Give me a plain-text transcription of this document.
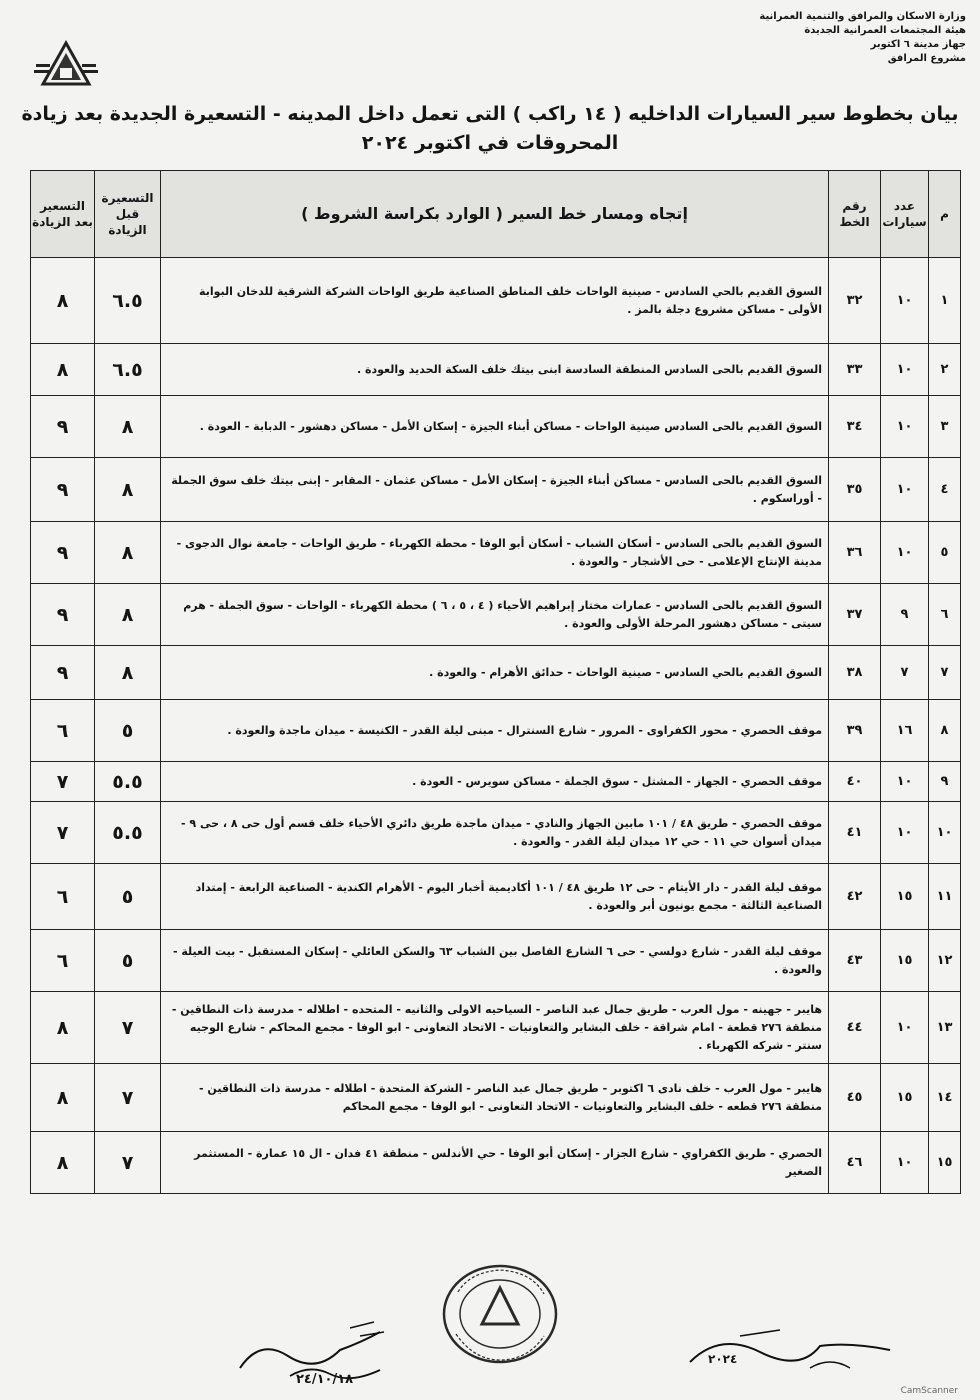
وزارة الاسكان والمرافق والتنمية العمرانية
هيئة المجتمعات العمرانية الجديدة
جهاز مدينة ٦ اكتوبر
مشروع المرافق
بيان بخطوط سير السيارات الداخليه ( ١٤ راكب ) التى تعمل داخل المدينه - التسعيرة الجديدة بعد زيادة
المحروقات في اكتوبر ٢٠٢٤
م	عدد سيارات	رقم الخط	إتجاه ومسار خط السير ( الوارد بكراسة الشروط )	التسعيرة قبل الزيادة	التسعير بعد الزيادة
١	١٠	٣٢	السوق القديم بالحي السادس - صينية الواحات خلف المناطق الصناعية طريق الواحات الشركة الشرقية للدخان البوابة الأولى - مساكن مشروع دجلة بالمز .	٦.٥	٨
٢	١٠	٣٣	السوق القديم بالحى السادس المنطقة السادسة ابنى بيتك خلف السكة الحديد والعودة .	٦.٥	٨
٣	١٠	٣٤	السوق القديم بالحى السادس صينية الواحات - مساكن أبناء الجيزة - إسكان الأمل - مساكن دهشور - الدبابة - العودة .	٨	٩
٤	١٠	٣٥	السوق القديم بالحى السادس - مساكن أبناء الجيزة - إسكان الأمل - مساكن عثمان - المقابر - إبنى بيتك خلف سوق الجملة - أوراسكوم .	٨	٩
٥	١٠	٣٦	السوق القديم بالحى السادس - أسكان الشباب - أسكان أبو الوفا - محطة الكهرباء - طريق الواحات - جامعة نوال الدجوى - مدينة الإنتاج الإعلامى - حى الأشجار - والعودة .	٨	٩
٦	٩	٣٧	السوق القديم بالحى السادس - عمارات مختار إبراهيم الأحياء ( ٤ ، ٥ ، ٦ ) محطة الكهرباء - الواحات - سوق الجملة - هرم سيتى - مساكن دهشور المرحلة الأولى والعودة .	٨	٩
٧	٧	٣٨	السوق القديم بالحي السادس - صينية الواحات - حدائق الأهرام - والعودة .	٨	٩
٨	١٦	٣٩	موقف الحصري - محور الكفراوى - المرور - شارع السنترال - مبنى ليلة القدر - الكنيسة - ميدان ماجدة والعودة .	٥	٦
٩	١٠	٤٠	موقف الحصري - الجهاز - المشتل - سوق الجملة - مساكن سويرس - العودة .	٥.٥	٧
١٠	١٠	٤١	موقف الحصري - طريق ٤٨ / ١٠١ مابين الجهاز والنادي - ميدان ماجدة طريق دائري الأحياء خلف قسم أول حى ٨ ، حى ٩ - ميدان أسوان حي ١١ - حي ١٢ ميدان ليلة القدر - والعودة .	٥.٥	٧
١١	١٥	٤٢	موقف ليلة القدر - دار الأيتام - حى ١٢ طريق ٤٨ / ١٠١ أكاديمية أخبار اليوم - الأهرام الكندية - الصناعية الرابعة - إمتداد الصناعية الثالثة - مجمع يونيون أبر والعودة .	٥	٦
١٢	١٥	٤٣	موقف ليلة القدر - شارع دولسي - حى ٦ الشارع الفاصل بين الشباب ٦٣ والسكن العائلي - إسكان المستقبل - بيت العيلة - والعودة .	٥	٦
١٣	١٠	٤٤	هايبر - جهينه - مول العرب - طريق جمال عبد الناصر - السياحيه الاولى والثانيه - المتحده - اطلاله - مدرسة ذات النطاقين - منطقة ٢٧٦ قطعة - امام شراقة - خلف البشاير والتعاونيات - الاتحاد التعاونى - ابو الوفا - مجمع المحاكم - شارع الوجيه سنتر - شركه الكهرباء .	٧	٨
١٤	١٥	٤٥	هايبر - مول العرب - خلف نادى ٦ اكتوبر - طريق جمال عبد الناصر - الشركة المتحدة - اطلاله - مدرسة ذات النطاقين - منطقة ٢٧٦ قطعه - خلف البشاير والتعاونيات - الاتحاد التعاونى - ابو الوفا - مجمع المحاكم	٧	٨
١٥	١٠	٤٦	الحصري - طريق الكفراوي - شارع الجزار - إسكان أبو الوفا - حي الأندلس - منطقة ٤١ فدان - ال ١٥ عمارة - المستثمر الصغير	٧	٨
٢٤/١٠/١٨
٢٠٢٤
CamScanner
